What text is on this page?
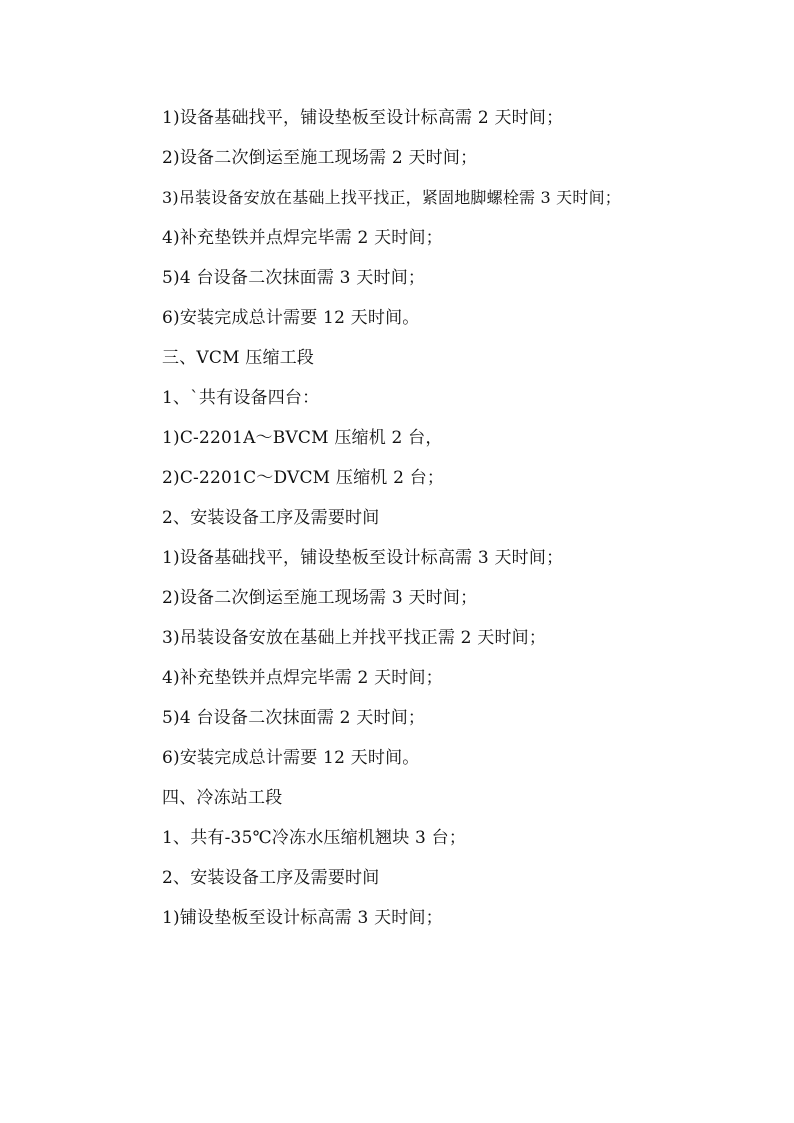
1)设备基础找平，铺设垫板至设计标高需 2 天时间；
2)设备二次倒运至施工现场需 2 天时间；
3)吊装设备安放在基础上找平找正，紧固地脚螺栓需 3 天时间；
4)补充垫铁并点焊完毕需 2 天时间；
5)4 台设备二次抹面需 3 天时间；
6)安装完成总计需要 12 天时间。
三、VCM 压缩工段
1、`共有设备四台：
1)C-2201A～BVCM 压缩机 2 台，
2)C-2201C～DVCM 压缩机 2 台；
2、安装设备工序及需要时间
1)设备基础找平，铺设垫板至设计标高需 3 天时间；
2)设备二次倒运至施工现场需 3 天时间；
3)吊装设备安放在基础上并找平找正需 2 天时间；
4)补充垫铁并点焊完毕需 2 天时间；
5)4 台设备二次抹面需 2 天时间；
6)安装完成总计需要 12 天时间。
四、冷冻站工段
1、共有-35℃冷冻水压缩机翘块 3 台；
2、安装设备工序及需要时间
1)铺设垫板至设计标高需 3 天时间；
